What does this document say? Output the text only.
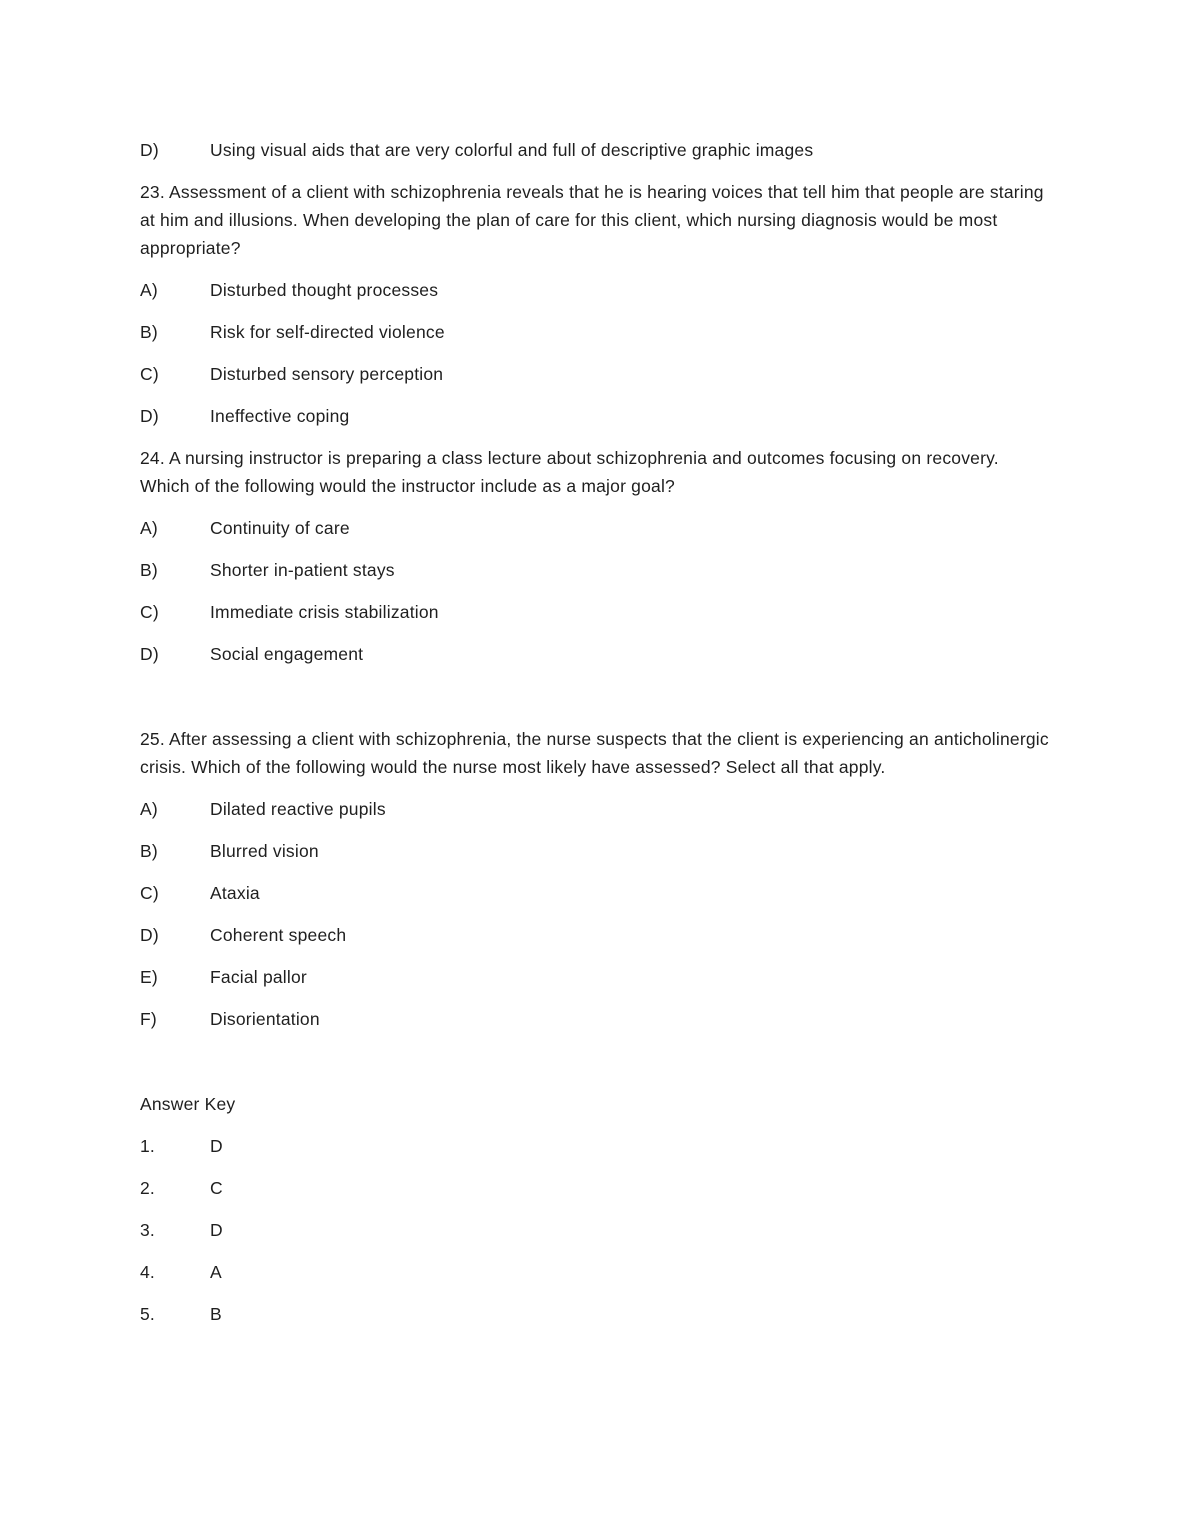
D)	Using visual aids that are very colorful and full of descriptive graphic images

23. Assessment of a client with schizophrenia reveals that he is hearing voices that tell him that people are staring at him and illusions. When developing the plan of care for this client, which nursing diagnosis would be most appropriate?

A)	Disturbed thought processes
B)	Risk for self-directed violence
C)	Disturbed sensory perception
D)	Ineffective coping

24. A nursing instructor is preparing a class lecture about schizophrenia and outcomes focusing on recovery. Which of the following would the instructor include as a major goal?

A)	Continuity of care
B)	Shorter in-patient stays
C)	Immediate crisis stabilization
D)	Social engagement

25. After assessing a client with schizophrenia, the nurse suspects that the client is experiencing an anticholinergic crisis. Which of the following would the nurse most likely have assessed? Select all that apply.

A)	Dilated reactive pupils
B)	Blurred vision
C)	Ataxia
D)	Coherent speech
E)	Facial pallor
F)	Disorientation

Answer Key

1.	D
2.	C
3.	D
4.	A
5.	B
